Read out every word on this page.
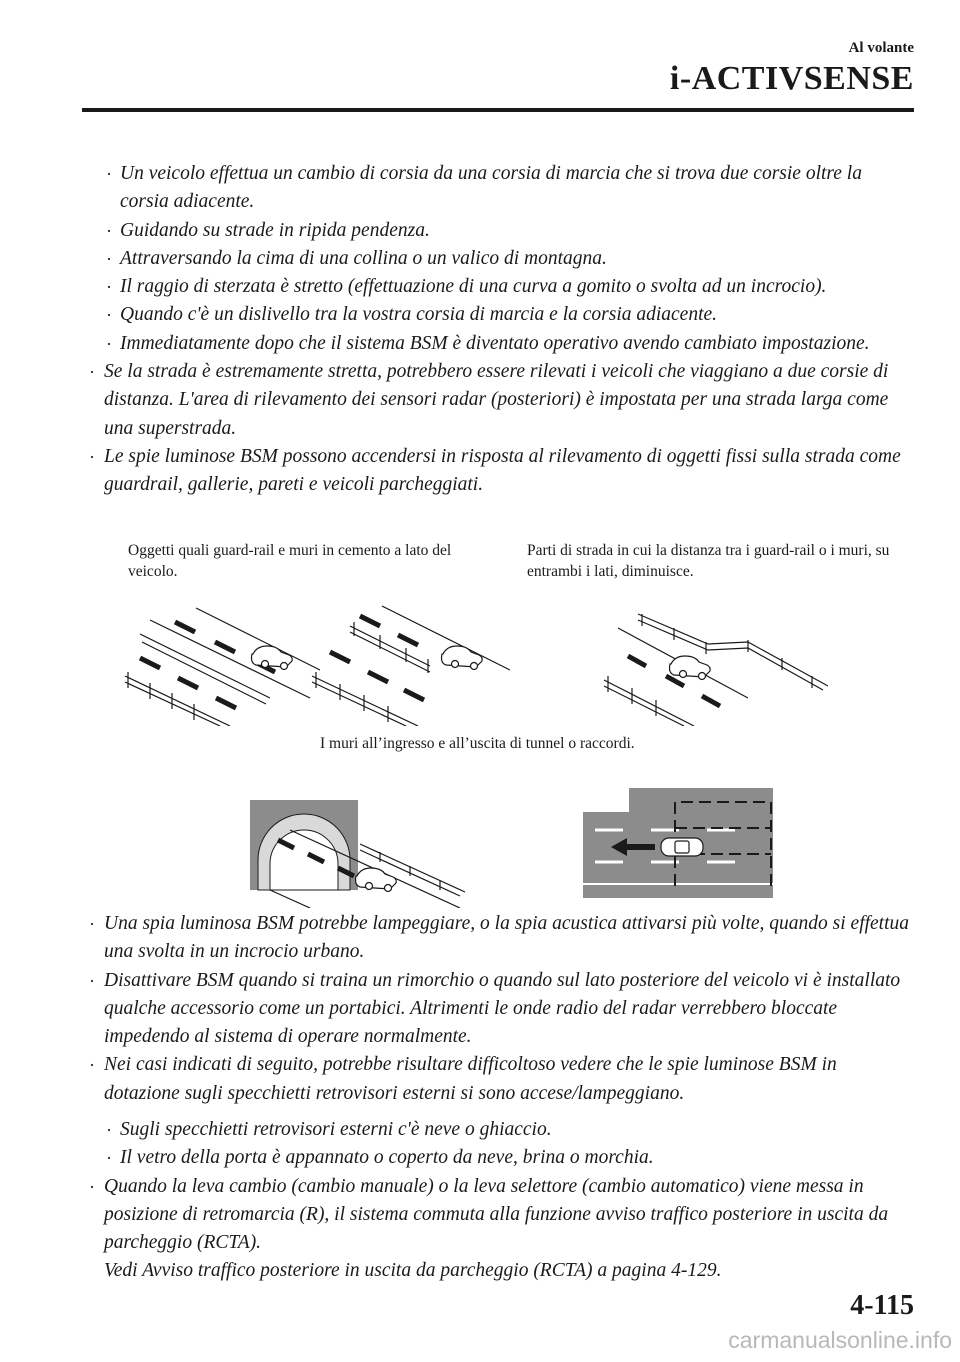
Al volante
i-ACTIVSENSE
· Un veicolo effettua un cambio di corsia da una corsia di marcia che si trova due corsie oltre la corsia adiacente.
· Guidando su strade in ripida pendenza.
· Attraversando la cima di una collina o un valico di montagna.
· Il raggio di sterzata è stretto (effettuazione di una curva a gomito o svolta ad un incrocio).
· Quando c'è un dislivello tra la vostra corsia di marcia e la corsia adiacente.
· Immediatamente dopo che il sistema BSM è diventato operativo avendo cambiato impostazione.
· Se la strada è estremamente stretta, potrebbero essere rilevati i veicoli che viaggiano a due corsie di distanza. L'area di rilevamento dei sensori radar (posteriori) è impostata per una strada larga come una superstrada.
· Le spie luminose BSM possono accendersi in risposta al rilevamento di oggetti fissi sulla strada come guardrail, gallerie, pareti e veicoli parcheggiati.
Oggetti quali guard-rail e muri in cemento a lato del veicolo.
Parti di strada in cui la distanza tra i guard-rail o i muri, su entrambi i lati, diminuisce.
I muri all’ingresso e all’uscita di tunnel o raccordi.
· Una spia luminosa BSM potrebbe lampeggiare, o la spia acustica attivarsi più volte, quando si effettua una svolta in un incrocio urbano.
· Disattivare BSM quando si traina un rimorchio o quando sul lato posteriore del veicolo vi è installato qualche accessorio come un portabici. Altrimenti le onde radio del radar verrebbero bloccate impedendo al sistema di operare normalmente.
· Nei casi indicati di seguito, potrebbe risultare difficoltoso vedere che le spie luminose BSM in dotazione sugli specchietti retrovisori esterni si sono accese/lampeggiano.
· Sugli specchietti retrovisori esterni c'è neve o ghiaccio.
· Il vetro della porta è appannato o coperto da neve, brina o morchia.
· Quando la leva cambio (cambio manuale) o la leva selettore (cambio automatico) viene messa in posizione di retromarcia (R), il sistema commuta alla funzione avviso traffico posteriore in uscita da parcheggio (RCTA).
Vedi Avviso traffico posteriore in uscita da parcheggio (RCTA) a pagina 4-129.
4-115
carmanualsonline.info
